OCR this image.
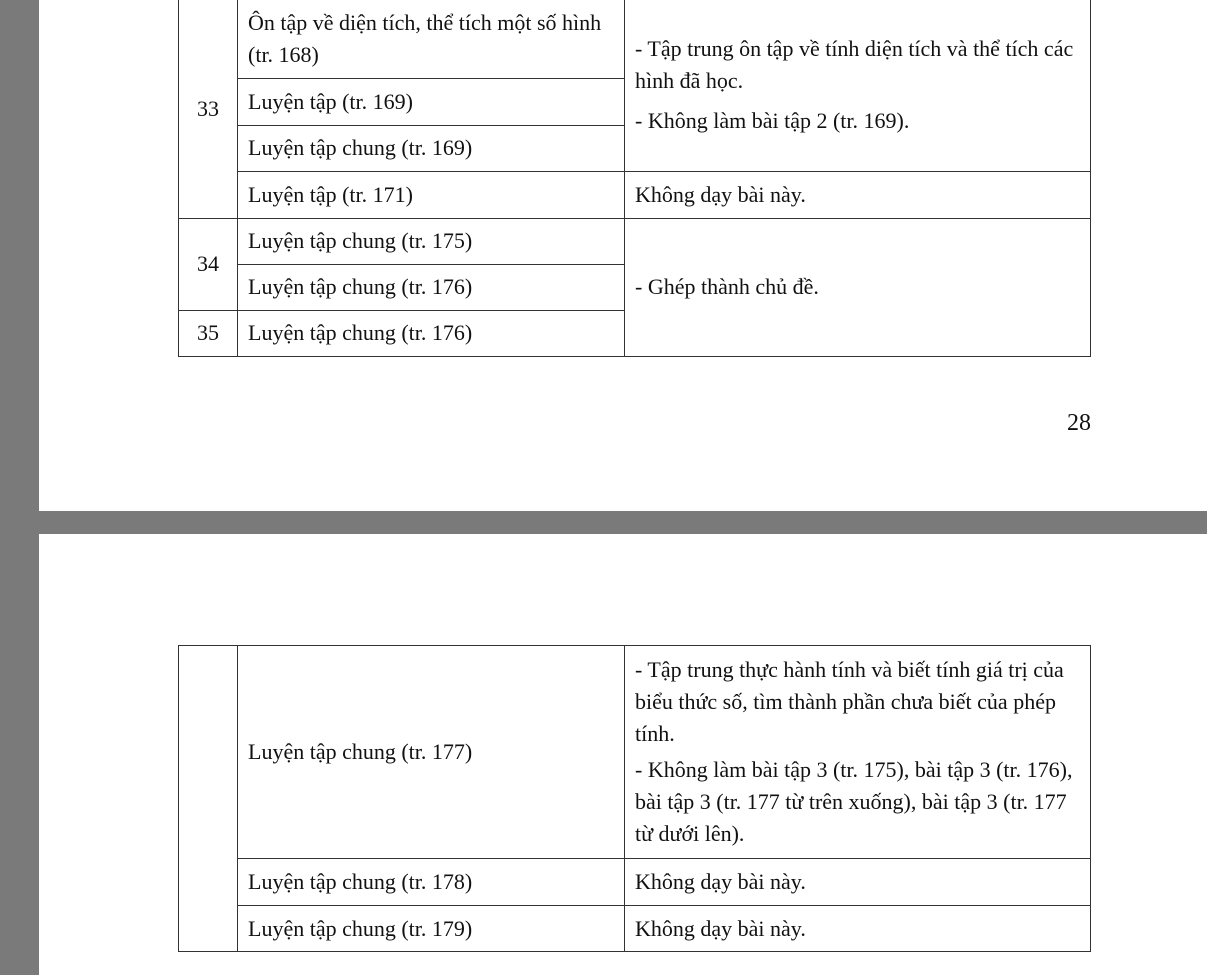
33	Ôn tập về diện tích, thể tích một số hình (tr. 168)	- Tập trung ôn tập về tính diện tích và thể tích các hình đã học.

- Không làm bài tập 2 (tr. 169).

	Luyện tập (tr. 169)	
	Luyện tập chung (tr. 169)	
	Luyện tập (tr. 171)	Không dạy bài này.
34	Luyện tập chung (tr. 175)	- Ghép thành chủ đề.
	Luyện tập chung (tr. 176)	
35	Luyện tập chung (tr. 176)	
28
	Luyện tập chung (tr. 177)	- Tập trung thực hành tính và biết tính giá trị của biểu thức số, tìm thành phần chưa biết của phép tính.

- Không làm bài tập 3 (tr. 175), bài tập 3 (tr. 176), bài tập 3 (tr. 177 từ trên xuống), bài tập 3 (tr. 177 từ dưới lên).

	Luyện tập chung (tr. 178)	Không dạy bài này.
	Luyện tập chung (tr. 179)	Không dạy bài này.
